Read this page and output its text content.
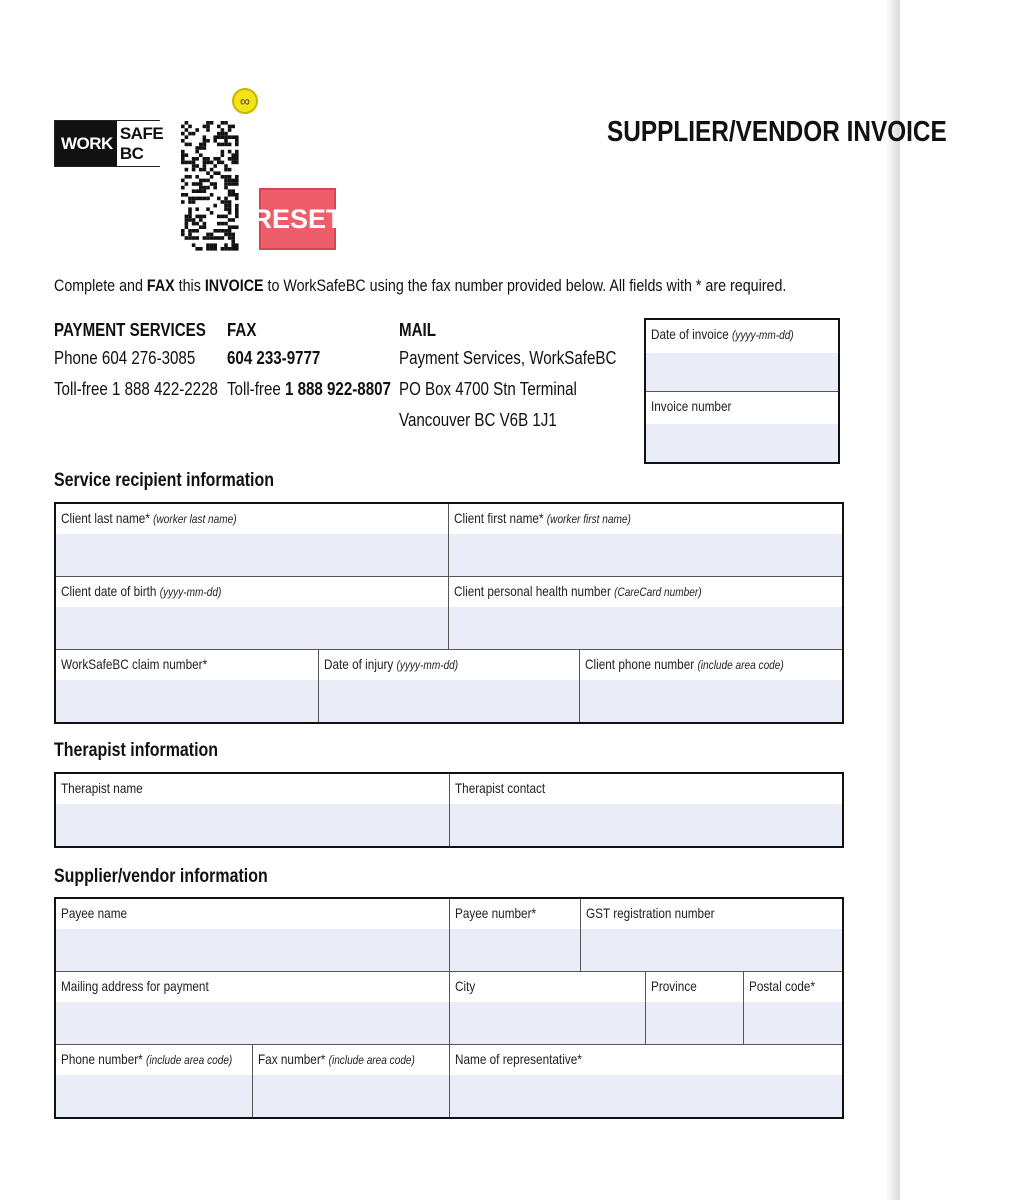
WORK
SAFE BC
∞
RESET
SUPPLIER/VENDOR INVOICE
Complete and FAX this INVOICE to WorkSafeBC using the fax number provided below. All fields with * are required.
PAYMENT SERVICES
Phone 604 276-3085
Toll-free 1 888 422-2228
FAX
604 233-9777
Toll-free 1 888 922-8807
MAIL
Payment Services, WorkSafeBC
PO Box 4700 Stn Terminal
Vancouver BC V6B 1J1
Date of invoice (yyyy-mm-dd)
Invoice number
Service recipient information
Client last name* (worker last name)		Client first name* (worker first name)	

Client date of birth (yyyy-mm-dd)		Client personal health number (CareCard number)	

WorkSafeBC claim number*	Date of injury (yyyy-mm-dd)		Client phone number (include area code)
Therapist information
Therapist name	Therapist contact
Supplier/vendor information
Payee name		Payee number*	GST registration number		

Mailing address for payment		City		Province	Postal code*

Phone number* (include area code)	Fax number* (include area code)	Name of representative*			
